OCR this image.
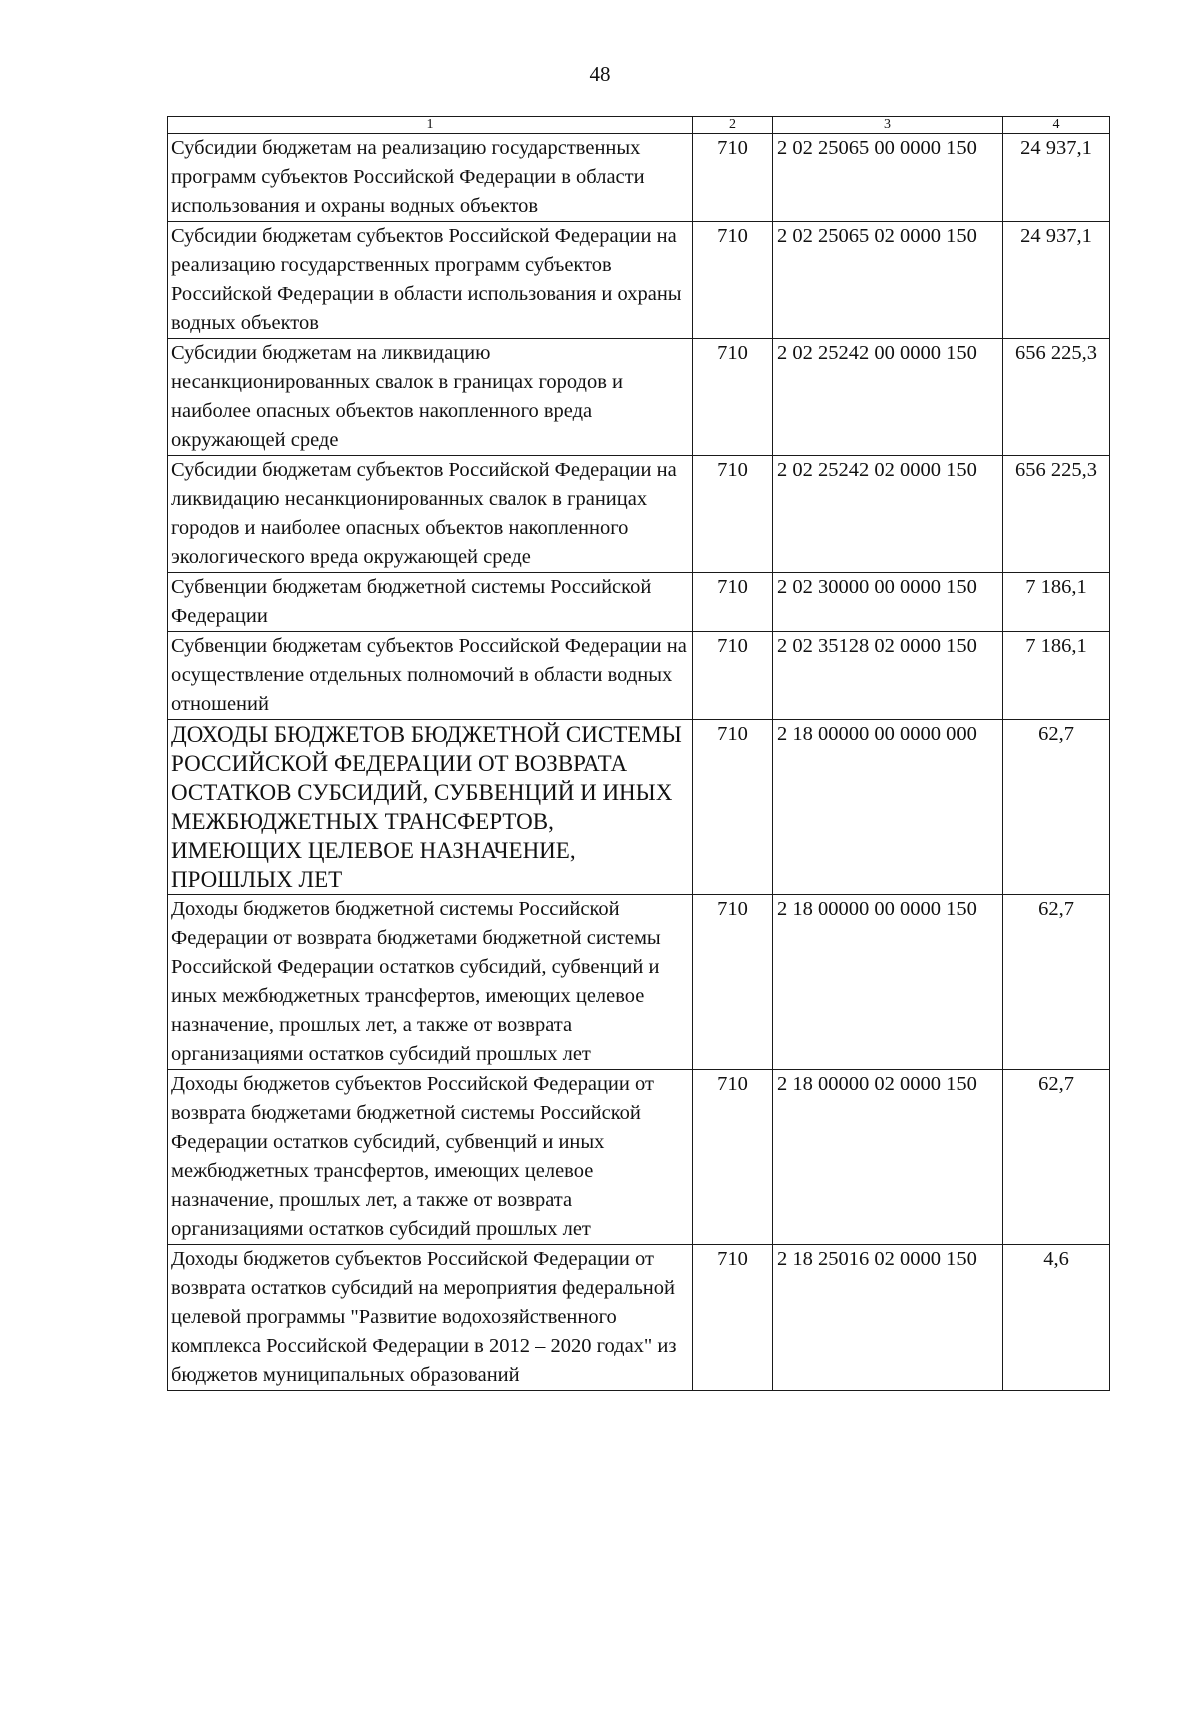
48
1	2	3	4
Субсидии бюджетам на реализацию государственных программ субъектов Российской Федерации в области использования и охраны водных объектов	710	2 02 25065 00 0000 150	24 937,1
Субсидии бюджетам субъектов Российской Федерации на реализацию государственных программ субъектов Российской Федерации в области использования и охраны водных объектов	710	2 02 25065 02 0000 150	24 937,1
Субсидии бюджетам на ликвидацию несанкционированных свалок в границах городов и наиболее опасных объектов накопленного вреда окружающей среде	710	2 02 25242 00 0000 150	656 225,3
Субсидии бюджетам субъектов Российской Федерации на ликвидацию несанкционированных свалок в границах городов и наиболее опасных объектов накопленного экологического вреда окружающей среде	710	2 02 25242 02 0000 150	656 225,3
Субвенции бюджетам бюджетной системы Российской Федерации	710	2 02 30000 00 0000 150	7 186,1
Субвенции бюджетам субъектов Российской Федерации на осуществление отдельных полномочий в области водных отношений	710	2 02 35128 02 0000 150	7 186,1
ДОХОДЫ БЮДЖЕТОВ БЮДЖЕТНОЙ СИСТЕМЫ РОССИЙСКОЙ ФЕДЕРАЦИИ ОТ ВОЗВРАТА ОСТАТКОВ СУБСИДИЙ, СУБВЕНЦИЙ И ИНЫХ МЕЖБЮДЖЕТНЫХ ТРАНСФЕРТОВ, ИМЕЮЩИХ ЦЕЛЕВОЕ НАЗНАЧЕНИЕ, ПРОШЛЫХ ЛЕТ	710	2 18 00000 00 0000 000	62,7
Доходы бюджетов бюджетной системы Российской Федерации от возврата бюджетами бюджетной системы Российской Федерации остатков субсидий, субвенций и иных межбюджетных трансфертов, имеющих целевое назначение, прошлых лет, а также от возврата организациями остатков субсидий прошлых лет	710	2 18 00000 00 0000 150	62,7
Доходы бюджетов субъектов Российской Федерации от возврата бюджетами бюджетной системы Российской Федерации остатков субсидий, субвенций и иных межбюджетных трансфертов, имеющих целевое назначение, прошлых лет, а также от возврата организациями остатков субсидий прошлых лет	710	2 18 00000 02 0000 150	62,7
Доходы бюджетов субъектов Российской Федерации от возврата остатков субсидий на мероприятия федеральной целевой программы "Развитие водохозяйственного комплекса Российской Федерации в 2012 – 2020 годах" из бюджетов муниципальных образований	710	2 18 25016 02 0000 150	4,6
